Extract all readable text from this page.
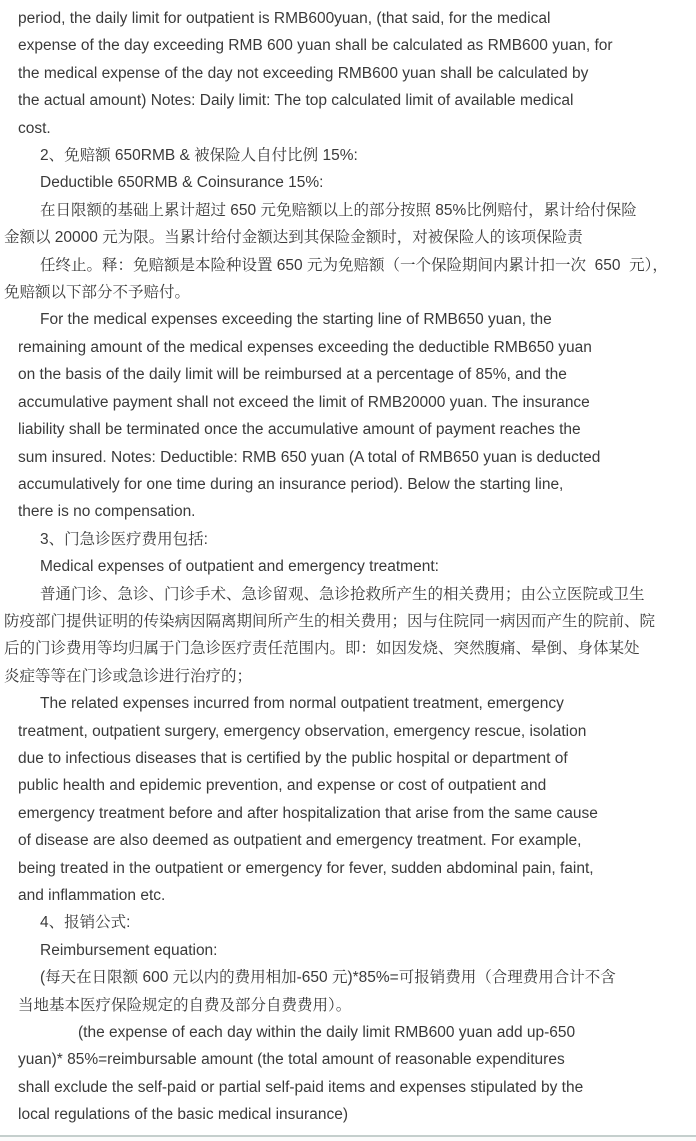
period, the daily limit for outpatient is RMB600yuan, (that said, for the medical
expense of the day exceeding RMB 600 yuan shall be calculated as RMB600 yuan, for
the medical expense of the day not exceeding RMB600 yuan shall be calculated by
the actual amount) Notes: Daily limit: The top calculated limit of available medical
cost.
2、免赔额 650RMB & 被保险人自付比例 15%:
Deductible 650RMB & Coinsurance 15%:
在日限额的基础上累计超过 650 元免赔额以上的部分按照 85%比例赔付，累计给付保险
金额以 20000 元为限。当累计给付金额达到其保险金额时，对被保险人的该项保险责
任终止。释：免赔额是本险种设置 650 元为免赔额（一个保险期间内累计扣一次  650  元），
免赔额以下部分不予赔付。
For the medical expenses exceeding the starting line of RMB650 yuan, the
remaining amount of the medical expenses exceeding the deductible RMB650 yuan
on the basis of the daily limit will be reimbursed at a percentage of 85%, and the
accumulative payment shall not exceed the limit of RMB20000 yuan. The insurance
liability shall be terminated once the accumulative amount of payment reaches the
sum insured. Notes: Deductible: RMB 650 yuan (A total of RMB650 yuan is deducted
accumulatively for one time during an insurance period). Below the starting line,
there is no compensation.
3、门急诊医疗费用包括:
Medical expenses of outpatient and emergency treatment:
普通门诊、急诊、门诊手术、急诊留观、急诊抢救所产生的相关费用；由公立医院或卫生
防疫部门提供证明的传染病因隔离期间所产生的相关费用；因与住院同一病因而产生的院前、院
后的门诊费用等均归属于门急诊医疗责任范围内。即：如因发烧、突然腹痛、晕倒、身体某处
炎症等等在门诊或急诊进行治疗的；
The related expenses incurred from normal outpatient treatment, emergency
treatment, outpatient surgery, emergency observation, emergency rescue, isolation
due to infectious diseases that is certified by the public hospital or department of
public health and epidemic prevention, and expense or cost of outpatient and
emergency treatment before and after hospitalization that arise from the same cause
of disease are also deemed as outpatient and emergency treatment. For example,
being treated in the outpatient or emergency for fever, sudden abdominal pain, faint,
and inflammation etc.
4、报销公式:
Reimbursement equation:
(每天在日限额 600 元以内的费用相加-650 元)*85%=可报销费用（合理费用合计不含
当地基本医疗保险规定的自费及部分自费费用）。
(the expense of each day within the daily limit RMB600 yuan add up-650
yuan)* 85%=reimbursable amount (the total amount of reasonable expenditures
shall exclude the self-paid or partial self-paid items and expenses stipulated by the
local regulations of the basic medical insurance)
